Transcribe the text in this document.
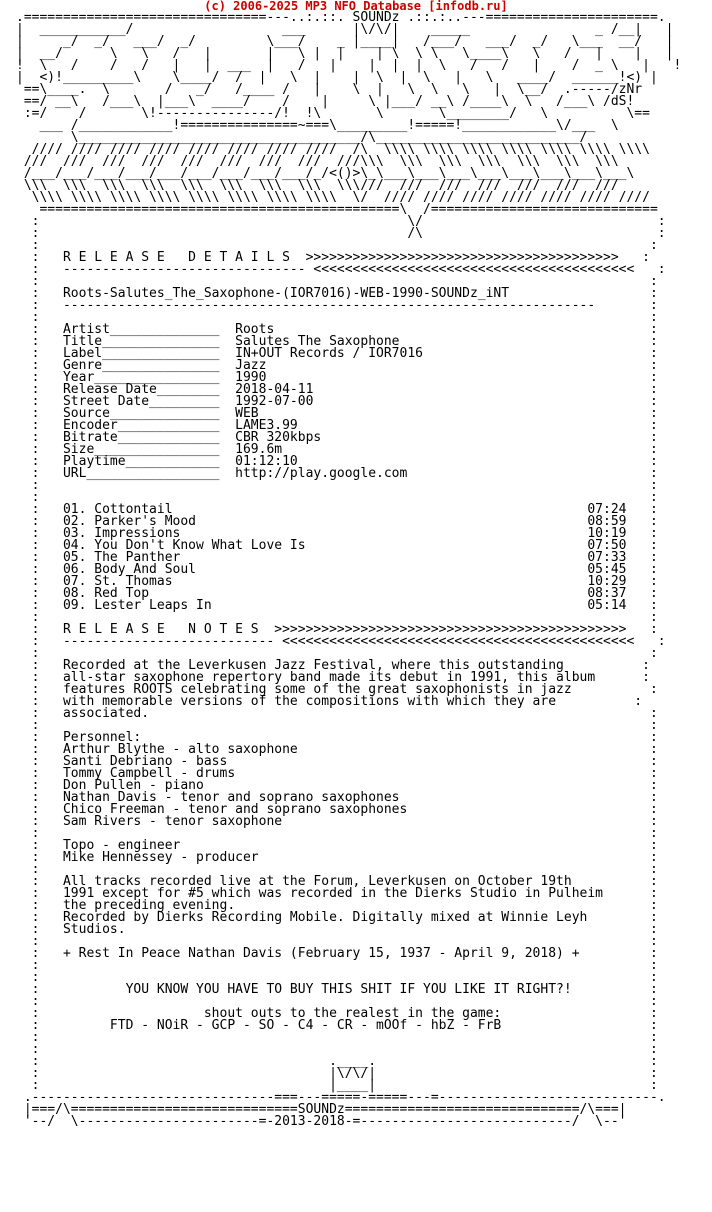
(c) 2006-2025 MP3 NFO Database [infodb.ru]
.===============================---..:.::. SOUNDz .::.:..---======================.
|  ___________/                   ___      |\/\/|    _____                _ /__|   |
|     _/  _/   ___/  _/         \___/    _ |____|   /___/   ___/  _/   \___  __/   |
|  __/      \   \   /   |       |   \ |  |    | \  \ \   \____\   \   /   |    |   |
!  \   /    /   /   |   |  ___  |   /   |    |  |  |  \   /   /   |    /  _ \   |   !
|  <)!_________\    \____/  /  |   \  |    |  \  |  \   |   \   ____/  ______!<) |
==\____.  \       /   _/   /____ /   |    \  |   \  \   \   |  \__/  .-----/zNr
==/ __\   /___\  |___\  ____/    /    |     \ |___/ __\ /____\  \   /___\ /dS!
:=/    /       \!---------------/!  !\       \       \________/   \          \==
___ /____________!===============~===\_________!=====!____________\/___  \
\____________________________________/\__________________________/
//// //// //// //// //// //// //// ////  /\  \\\\ \\\\ \\\\ \\\\ \\\\ \\\\ \\\\
///  ///  ///  ///  ///  ///  ///  ///  ///\\\  \\\  \\\  \\\  \\\  \\\  \\\
/___/___/___/___/___/___/___/___/___/_/<()>\_\___\___\___\___\___\___\___\___\
\\\  \\\  \\\  \\\  \\\  \\\  \\\  \\\  \\\///  ///  ///  ///  ///  ///  ///
\\\\ \\\\ \\\\ \\\\ \\\\ \\\\ \\\\ \\\\  \/  //// //// //// //// //// //// ////
==============================================\  /=============================
:                                               \/                              :
:                                               /\                              :
:                                                                              :
:   R E L E A S E   D E T A I L S  >>>>>>>>>>>>>>>>>>>>>>>>>>>>>>>>>>>>>>>>   :
:   ------------------------------- <<<<<<<<<<<<<<<<<<<<<<<<<<<<<<<<<<<<<<<<<   :
:                                                                              :
:   Roots-Salutes_The_Saxophone-(IOR7016)-WEB-1990-SOUNDz_iNT                  :
:   --------------------------------------------------------------------       :
:                                                                              :
:   Artist______________  Roots                                                :
:   Title_______________  Salutes The Saxophone                                :
:   Label_______________  IN+OUT Records / IOR7016                             :
:   Genre_______________  Jazz                                                 :
:   Year________________  1990                                                 :
:   Release Date________  2018-04-11                                           :
:   Street Date_________  1992-07-00                                           :
:   Source______________  WEB                                                  :
:   Encoder_____________  LAME3.99                                             :
:   Bitrate_____________  CBR 320kbps                                          :
:   Size________________  169.6m                                               :
:   Playtime____________  01:12:10                                             :
:   URL_________________  http://play.google.com                               :
:                                                                              :
:                                                                              :
:   01. Cottontail                                                     07:24   :
:   02. Parker's Mood                                                  08:59   :
:   03. Impressions                                                    10:19   :
:   04. You Don't Know What Love Is                                    07:50   :
:   05. The Panther                                                    07:33   :
:   06. Body And Soul                                                  05:45   :
:   07. St. Thomas                                                     10:29   :
:   08. Red Top                                                        08:37   :
:   09. Lester Leaps In                                                05:14   :
:                                                                              :
:   R E L E A S E   N O T E S  >>>>>>>>>>>>>>>>>>>>>>>>>>>>>>>>>>>>>>>>>>>>>   :
:   --------------------------- <<<<<<<<<<<<<<<<<<<<<<<<<<<<<<<<<<<<<<<<<<<<<   :
:                                                                              :
:   Recorded at the Leverkusen Jazz Festival, where this outstanding          :
:   all-star saxophone repertory band made its debut in 1991, this album      :
:   features ROOTS celebrating some of the great saxophonists in jazz          :
:   with memorable versions of the compositions with which they are          :
:   associated.                                                                :
:                                                                              :
:   Personnel:                                                                 :
:   Arthur Blythe - alto saxophone                                             :
:   Santi Debriano - bass                                                      :
:   Tommy Campbell - drums                                                     :
:   Don Pullen - piano                                                         :
:   Nathan Davis - tenor and soprano saxophones                                :
:   Chico Freeman - tenor and soprano saxophones                               :
:   Sam Rivers - tenor saxophone                                               :
:                                                                              :
:   Topo - engineer                                                            :
:   Mike Hennessey - producer                                                  :
:                                                                              :
:   All tracks recorded live at the Forum, Leverkusen on October 19th          :
:   1991 except for #5 which was recorded in the Dierks Studio in Pulheim      :
:   the preceding evening.                                                     :
:   Recorded by Dierks Recording Mobile. Digitally mixed at Winnie Leyh        :
:   Studios.                                                                   :
:                                                                              :
:   + Rest In Peace Nathan Davis (February 15, 1937 - April 9, 2018) +         :
:                                                                              :
:                                                                              :
:           YOU KNOW YOU HAVE TO BUY THIS SHIT IF YOU LIKE IT RIGHT?!          :
:                                                                              :
:                     shout outs to the realest in the game:                   :
:         FTD - NOiR - GCP - SO - C4 - CR - mOOf - hbZ - FrB                   :
:                                                                              :
:                                                                              :
:                                     .____.                                   :
:                                     |\/\/|                                   :
:                                     |____|                                   :
.-------------------------------===---=====-=====---=----------------------------.
|===/\=============================SOUNDz==============================/\===|
'--/  \-----------------------=-2013-2018-=---------------------------/  \--'
